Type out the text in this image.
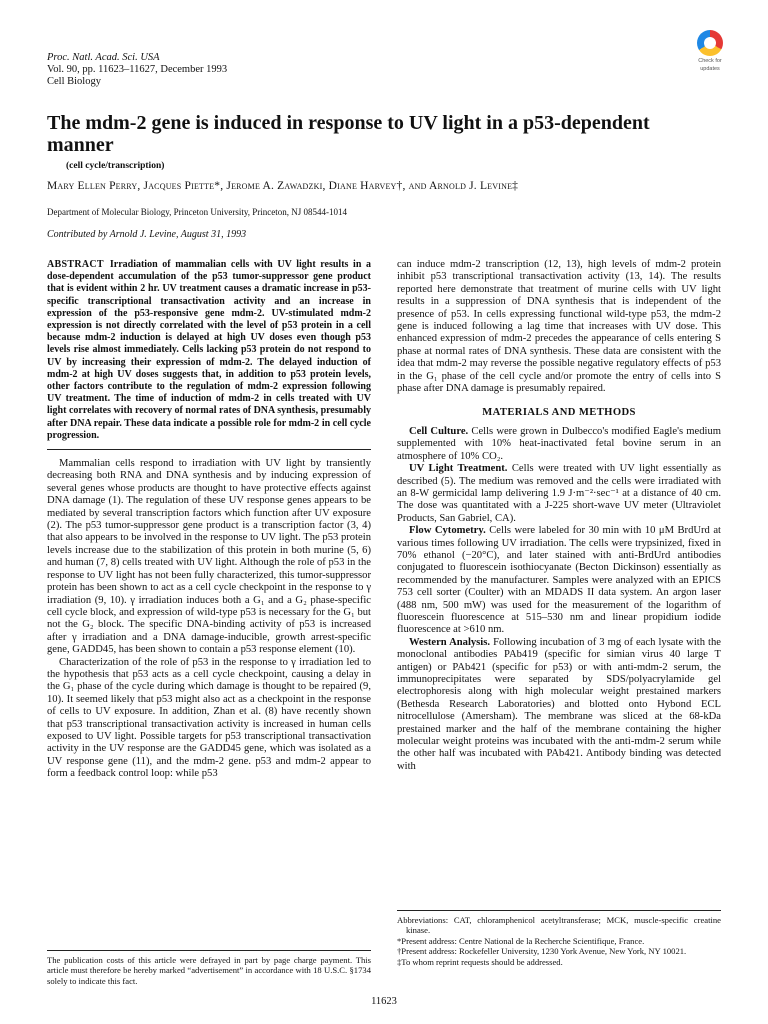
Proc. Natl. Acad. Sci. USA
Vol. 90, pp. 11623–11627, December 1993
Cell Biology
Check for
updates
The mdm-2 gene is induced in response to UV light in a p53-dependent manner
(cell cycle/transcription)
Mary Ellen Perry, Jacques Piette*, Jerome A. Zawadzki, Diane Harvey†, and Arnold J. Levine‡
Department of Molecular Biology, Princeton University, Princeton, NJ 08544-1014
Contributed by Arnold J. Levine, August 31, 1993

ABSTRACT Irradiation of mammalian cells with UV light results in a dose-dependent accumulation of the p53 tumor-suppressor gene product that is evident within 2 hr. UV treatment causes a dramatic increase in p53-specific transcriptional transactivation activity and an increase in expression of the p53-responsive gene mdm-2. UV-stimulated mdm-2 expression is not directly correlated with the level of p53 protein in a cell because mdm-2 induction is delayed at high UV doses even though p53 levels rise almost immediately. Cells lacking p53 protein do not respond to UV by increasing their expression of mdm-2. The delayed induction of mdm-2 at high UV doses suggests that, in addition to p53 protein levels, other factors contribute to the regulation of mdm-2 expression following UV treatment. The time of induction of mdm-2 in cells treated with UV light correlates with recovery of normal rates of DNA synthesis, presumably after DNA repair. These data indicate a possible role for mdm-2 in cell cycle progression.

Mammalian cells respond to irradiation with UV light by transiently decreasing both RNA and DNA synthesis and by inducing expression of several genes whose products are thought to have protective effects against DNA damage (1). The regulation of these UV response genes appears to be mediated by several transcription factors which function after UV exposure (2). The p53 tumor-suppressor gene product is a transcription factor (3, 4) that also appears to be involved in the response to UV light. The p53 protein levels increase due to the stabilization of this protein in both murine (5, 6) and human (7, 8) cells treated with UV light. Although the role of p53 in the response to UV light has not been fully characterized, this tumor-suppressor protein has been shown to act as a cell cycle checkpoint in the response to γ irradiation (9, 10). γ irradiation induces both a G₁ and a G₂ phase-specific cell cycle block, and expression of wild-type p53 is necessary for the G₁ but not the G₂ block. The specific DNA-binding activity of p53 is increased after γ irradiation and a DNA damage-inducible, growth arrest-specific gene, GADD45, has been shown to contain a p53 response element (10).

Characterization of the role of p53 in the response to γ irradiation led to the hypothesis that p53 acts as a cell cycle checkpoint, causing a delay in the G₁ phase of the cycle during which damage is thought to be repaired (9, 10). It seemed likely that p53 might also act as a checkpoint in the response of cells to UV exposure. In addition, Zhan et al. (8) have recently shown that p53 transcriptional transactivation activity is increased in human cells exposed to UV light. Possible targets for p53 transcriptional transactivation activity in the UV response are the GADD45 gene, which was isolated as a UV response gene (11), and the mdm-2 gene. p53 and mdm-2 appear to form a feedback control loop: while p53

can induce mdm-2 transcription (12, 13), high levels of mdm-2 protein inhibit p53 transcriptional transactivation activity (13, 14). The results reported here demonstrate that treatment of murine cells with UV light results in a suppression of DNA synthesis that is independent of the presence of p53. In cells expressing functional wild-type p53, the mdm-2 gene is induced following a lag time that increases with UV dose. This enhanced expression of mdm-2 precedes the appearance of cells entering S phase at normal rates of DNA synthesis. These data are consistent with the idea that mdm-2 may reverse the possible negative regulatory effects of p53 in the G₁ phase of the cell cycle and/or promote the entry of cells into S phase after DNA damage is presumably repaired.

MATERIALS AND METHODS

Cell Culture. Cells were grown in Dulbecco's modified Eagle's medium supplemented with 10% heat-inactivated fetal bovine serum in an atmosphere of 10% CO₂.

UV Light Treatment. Cells were treated with UV light essentially as described (5). The medium was removed and the cells were irradiated with an 8-W germicidal lamp delivering 1.9 J·m⁻²·sec⁻¹ at a distance of 40 cm. The dose was quantitated with a J-225 short-wave UV meter (Ultraviolet Products, San Gabriel, CA).

Flow Cytometry. Cells were labeled for 30 min with 10 μM BrdUrd at various times following UV irradiation. The cells were trypsinized, fixed in 70% ethanol (−20°C), and later stained with anti-BrdUrd antibodies conjugated to fluorescein isothiocyanate (Becton Dickinson) essentially as recommended by the manufacturer. Samples were analyzed with an EPICS 753 cell sorter (Coulter) with an MDADS II data system. An argon laser (488 nm, 500 mW) was used for the measurement of the logarithm of fluorescein fluorescence at 515–530 nm and linear propidium iodide fluorescence at >610 nm.

Western Analysis. Following incubation of 3 mg of each lysate with the monoclonal antibodies PAb419 (specific for simian virus 40 large T antigen) or PAb421 (specific for p53) or with anti-mdm-2 serum, the immunoprecipitates were separated by SDS/polyacrylamide gel electrophoresis along with high molecular weight prestained markers (Bethesda Research Laboratories) and blotted onto Hybond ECL nitrocellulose (Amersham). The membrane was sliced at the 68-kDa prestained marker and the half of the membrane containing the higher molecular weight proteins was incubated with the anti-mdm-2 serum while the other half was incubated with PAb421. Antibody binding was detected with

The publication costs of this article were defrayed in part by page charge payment. This article must therefore be hereby marked “advertisement” in accordance with 18 U.S.C. §1734 solely to indicate this fact.

Abbreviations: CAT, chloramphenicol acetyltransferase; MCK, muscle-specific creatine kinase.

*Present address: Centre National de la Recherche Scientifique, France.

†Present address: Rockefeller University, 1230 York Avenue, New York, NY 10021.

‡To whom reprint requests should be addressed.

11623
